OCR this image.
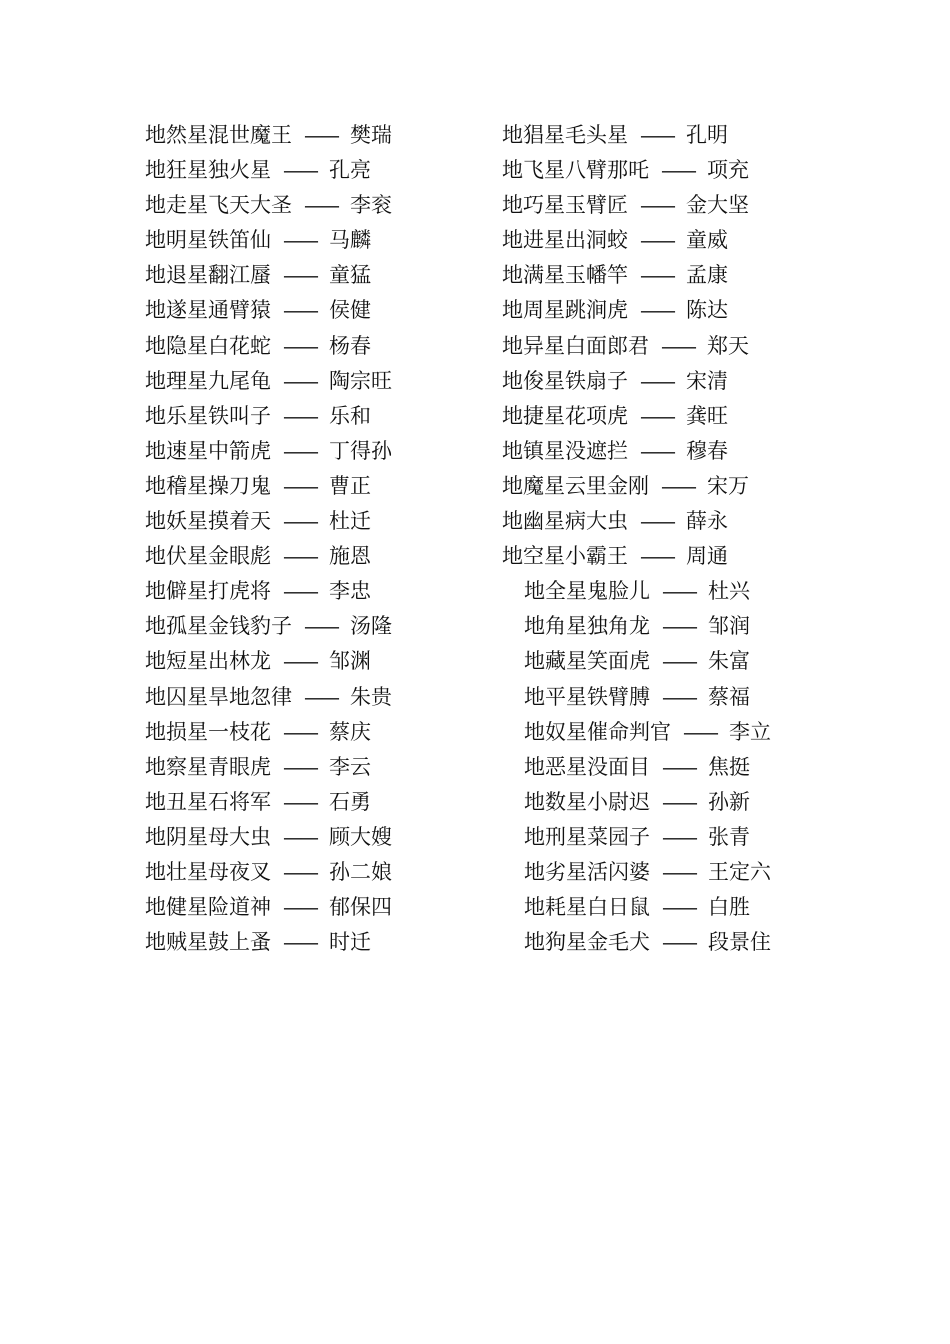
地然星混世魔王 —— 樊瑞
地狂星独火星 —— 孔亮
地走星飞天大圣 —— 李衮
地明星铁笛仙 —— 马麟
地退星翻江蜃 —— 童猛
地遂星通臂猿 —— 侯健
地隐星白花蛇 —— 杨春
地理星九尾龟 —— 陶宗旺
地乐星铁叫子 —— 乐和
地速星中箭虎 —— 丁得孙
地稽星操刀鬼 —— 曹正
地妖星摸着天 —— 杜迁
地伏星金眼彪 —— 施恩
地僻星打虎将 —— 李忠
地孤星金钱豹子 —— 汤隆
地短星出林龙 —— 邹渊
地囚星旱地忽律 —— 朱贵
地损星一枝花 —— 蔡庆
地察星青眼虎 —— 李云
地丑星石将军 —— 石勇
地阴星母大虫 —— 顾大嫂
地壮星母夜叉 —— 孙二娘
地健星险道神 —— 郁保四
地贼星鼓上蚤 —— 时迁
地猖星毛头星 —— 孔明
地飞星八臂那吒 —— 项充
地巧星玉臂匠 —— 金大坚
地进星出洞蛟 —— 童威
地满星玉幡竿 —— 孟康
地周星跳涧虎 —— 陈达
地异星白面郎君 —— 郑天
地俊星铁扇子 —— 宋清
地捷星花项虎 —— 龚旺
地镇星没遮拦 —— 穆春
地魔星云里金刚 —— 宋万
地幽星病大虫 —— 薛永
地空星小霸王 —— 周通
地全星鬼脸儿 —— 杜兴
地角星独角龙 —— 邹润
地藏星笑面虎 —— 朱富
地平星铁臂膊 —— 蔡福
地奴星催命判官 —— 李立
地恶星没面目 —— 焦挺
地数星小尉迟 —— 孙新
地刑星菜园子 —— 张青
地劣星活闪婆 —— 王定六
地耗星白日鼠 —— 白胜
地狗星金毛犬 —— 段景住
